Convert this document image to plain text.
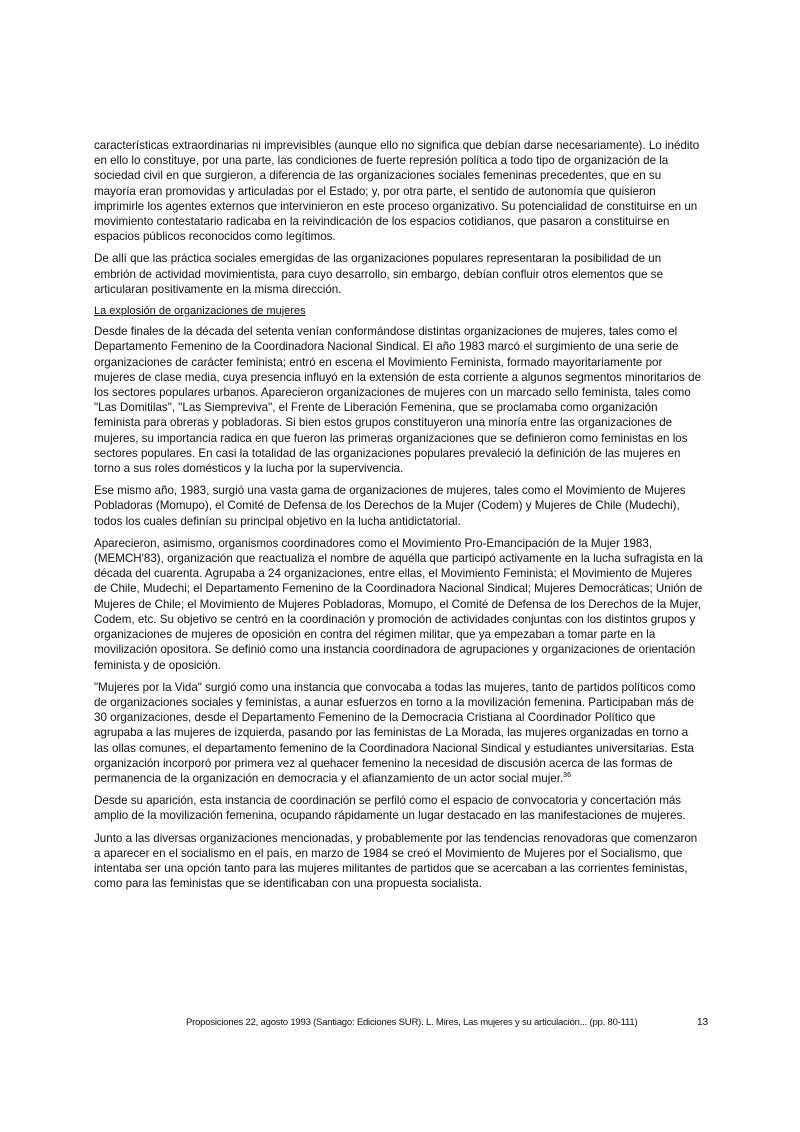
características extraordinarias ni imprevisibles (aunque ello no significa que debían darse necesariamente). Lo inédito en ello lo constituye, por una parte, las condiciones de fuerte represión política a todo tipo de organización de la sociedad civil en que surgieron, a diferencia de las organizaciones sociales femeninas precedentes, que en su mayoría eran promovidas y articuladas por el Estado; y, por otra parte, el sentido de autonomía que quisieron imprimirle los agentes externos que intervinieron en este proceso organizativo. Su potencialidad de constituirse en un movimiento contestatario radicaba en la reivindicación de los espacios cotidianos, que pasaron a constituirse en espacios públicos reconocidos como legítimos.

De allí que las práctica sociales emergidas de las organizaciones populares representaran la posibilidad de un embrión de actividad movimientista, para cuyo desarrollo, sin embargo, debían confluir otros elementos que se articularan positivamente en la misma dirección.

La explosión de organizaciones de mujeres

Desde finales de la década del setenta venían conformándose distintas organizaciones de mujeres, tales como el Departamento Femenino de la Coordinadora Nacional Sindical. El año 1983 marcó el surgimiento de una serie de organizaciones de carácter feminista; entró en escena el Movimiento Feminista, formado mayoritariamente por mujeres de clase media, cuya presencia influyó en la extensión de esta corriente a algunos segmentos minoritarios de los sectores populares urbanos. Aparecieron organizaciones de mujeres con un marcado sello feminista, tales como "Las Domitilas", "Las Siempreviva", el Frente de Liberación Femenina, que se proclamaba como organización feminista para obreras y pobladoras. Si bien estos grupos constituyeron una minoría entre las organizaciones de mujeres, su importancia radica en que fueron las primeras organizaciones que se definieron como feministas en los sectores populares. En casi la totalidad de las organizaciones populares prevaleció la definición de las mujeres en torno a sus roles domésticos y la lucha por la supervivencia.

Ese mismo año, 1983, surgió una vasta gama de organizaciones de mujeres, tales como el Movimiento de Mujeres Pobladoras (Momupo), el Comité de Defensa de los Derechos de la Mujer (Codem) y Mujeres de Chile (Mudechi), todos los cuales definían su principal objetivo en la lucha antidictatorial.

Aparecieron, asimismo, organismos coordinadores como el Movimiento Pro-Emancipación de la Mujer 1983, (MEMCH'83), organización que reactualiza el nombre de aquélla que participó activamente en la lucha sufragista en la década del cuarenta. Agrupaba a 24 organizaciones, entre ellas, el Movimiento Feminista; el Movimiento de Mujeres de Chile, Mudechi; el Departamento Femenino de la Coordinadora Nacional Sindical; Mujeres Democráticas; Unión de Mujeres de Chile; el Movimiento de Mujeres Pobladoras, Momupo, el Comité de Defensa de los Derechos de la Mujer, Codem, etc. Su objetivo se centró en la coordinación y promoción de actividades conjuntas con los distintos grupos y organizaciones de mujeres de oposición en contra del régimen militar, que ya empezaban a tomar parte en la movilización opositora. Se definió como una instancia coordinadora de agrupaciones y organizaciones de orientación feminista y de oposición.

"Mujeres por la Vida" surgió como una instancia que convocaba a todas las mujeres, tanto de partidos políticos como de organizaciones sociales y feministas, a aunar esfuerzos en torno a la movilización femenina. Participaban más de 30 organizaciones, desde el Departamento Femenino de la Democracia Cristiana al Coordinador Político que agrupaba a las mujeres de izquierda, pasando por las feministas de La Morada, las mujeres organizadas en torno a las ollas comunes, el departamento femenino de la Coordinadora Nacional Sindical y estudiantes universitarias. Esta organización incorporó por primera vez al quehacer femenino la necesidad de discusión acerca de las formas de permanencia de la organización en democracia y el afianzamiento de un actor social mujer.$^{36}$

Desde su aparición, esta instancia de coordinación se perfiló como el espacio de convocatoria y concertación más amplio de la movilización femenina, ocupando rápidamente un lugar destacado en las manifestaciones de mujeres.

Junto a las diversas organizaciones mencionadas, y probablemente por las tendencias renovadoras que comenzaron a aparecer en el socialismo en el país, en marzo de 1984 se creó el Movimiento de Mujeres por el Socialismo, que intentaba ser una opción tanto para las mujeres militantes de partidos que se acercaban a las corrientes feministas, como para las feministas que se identificaban con una propuesta socialista.

Proposiciones 22, agosto 1993 (Santiago: Ediciones SUR). L. Mires, Las mujeres y su articulación... (pp. 80-111)	13
